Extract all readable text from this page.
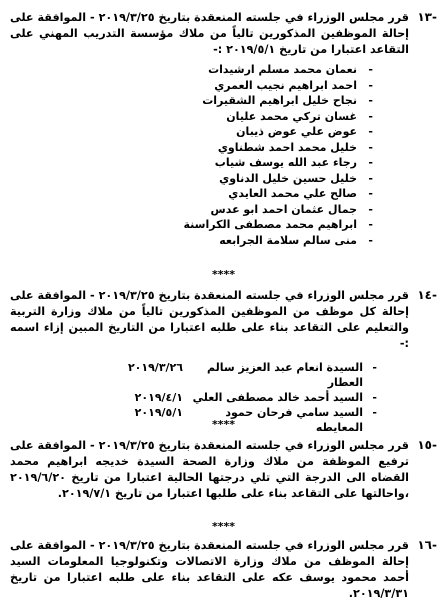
-١٣

قرر مجلس الوزراء في جلسته المنعقدة بتاريخ ٢٠١٩/٣/٢٥ - الموافقة على إحالة الموظفين المذكورين تالياً من ملاك مؤسسة التدريب المهني على التقاعد اعتبارا من تاريخ ٢٠١٩/٥/١ :-

- نعمان محمد مسلم ارشيدات
- احمد ابراهيم نجيب العمري
- نجاح خليل ابراهيم الشقيرات
- غسان تركي محمد عليان
- عوض علي عوض ذيبان
- خليل محمد احمد شطناوي
- رجاء عبد الله يوسف شياب
- خليل حسين خليل الدناوي
- صالح علي محمد العايدي
- جمال عثمان احمد ابو عدس
- ابراهيم محمد مصطفى الكراسنة
- منى سالم سلامة الجرابعه
****
-١٤

قرر مجلس الوزراء في جلسته المنعقدة بتاريخ ٢٠١٩/٣/٢٥ - الموافقة على إحالة كل موظف من الموظفين المذكورين تالياً من ملاك وزارة التربية والتعليم على التقاعد بناء على طلبه اعتبارا من التاريخ المبين إزاء اسمه :-

-
السيدة انعام عبد العزيز سالم العطار
٢٠١٩/٣/٢٦
-
السيد أحمد خالد مصطفى العلي
٢٠١٩/٤/١
-
السيد سامي فرحان حمود المعايطه
٢٠١٩/٥/١
****
-١٥

قرر مجلس الوزراء في جلسته المنعقدة بتاريخ ٢٠١٩/٣/٢٥ - الموافقة على ترفيع الموظفة من ملاك وزارة الصحة السيدة خديجه ابراهيم محمد القضاه الى الدرجة التي تلي درجتها الحالية اعتبارا من تاريخ ٢٠١٩/٦/٢٠ ،واحالتها على التقاعد بناء على طلبها اعتبارا من تاريخ ٢٠١٩/٧/١.

****
-١٦

قرر مجلس الوزراء في جلسته المنعقدة بتاريخ ٢٠١٩/٣/٢٥ - الموافقة على إحالة الموظف من ملاك وزارة الاتصالات وتكنولوجيا المعلومات السيد أحمد محمود يوسف عكه على التقاعد بناء على طلبه اعتبارا من تاريخ ٢٠١٩/٣/٣١.
